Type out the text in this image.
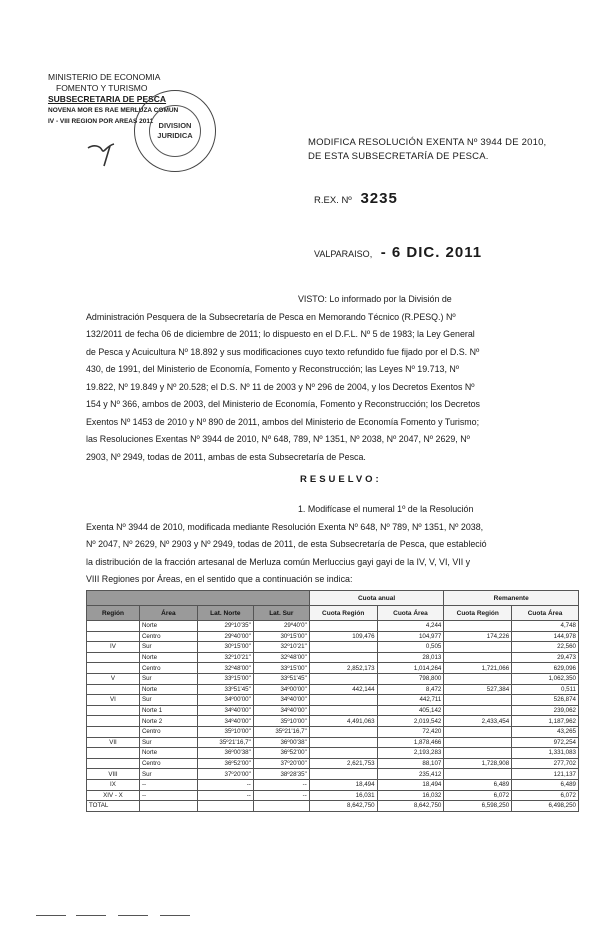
MINISTERIO DE ECONOMIA
FOMENTO Y TURISMO
SUBSECRETARIA DE PESCA
NOVENA MOR ES RAE MERLUZA COMUN
IV - VIII REGION POR AREAS 2011 DIVISION
JURIDICA
MODIFICA RESOLUCIÓN EXENTA Nº 3944 DE 2010,
DE ESTA SUBSECRETARÍA DE PESCA.
R.EX. Nº 3235
VALPARAISO, - 6 DIC. 2011
VISTO: Lo informado por la División de
Administración Pesquera de la Subsecretaría de Pesca en Memorando Técnico (R.PESQ.) Nº
132/2011 de fecha 06 de diciembre de 2011; lo dispuesto en el D.F.L. Nº 5 de 1983; la Ley General
de Pesca y Acuicultura Nº 18.892 y sus modificaciones cuyo texto refundido fue fijado por el D.S. Nº
430, de 1991, del Ministerio de Economía, Fomento y Reconstrucción; las Leyes Nº 19.713, Nº
19.822, Nº 19.849 y Nº 20.528; el D.S. Nº 11 de 2003 y Nº 296 de 2004, y los Decretos Exentos Nº
154 y Nº 366, ambos de 2003, del Ministerio de Economía, Fomento y Reconstrucción; los Decretos
Exentos Nº 1453 de 2010 y Nº 890 de 2011, ambos del Ministerio de Economía Fomento y Turismo;
las Resoluciones Exentas Nº 3944 de 2010, Nº 648, 789, Nº 1351, Nº 2038, Nº 2047, Nº 2629, Nº
2903, Nº 2949, todas de 2011, ambas de esta Subsecretaría de Pesca.
RESUELVO:
1. Modifícase el numeral 1º de la Resolución
Exenta Nº 3944 de 2010, modificada mediante Resolución Exenta Nº 648, Nº 789, Nº 1351, Nº 2038,
Nº 2047, Nº 2629, Nº 2903 y Nº 2949, todas de 2011, de esta Subsecretaría de Pesca, que estableció
la distribución de la fracción artesanal de Merluza común Merluccius gayi gayi de la IV, V, VI, VII y
VIII Regiones por Áreas, en el sentido que a continuación se indica:
				Cuota anual		Remanente	
Región	Área	Lat. Norte	Lat. Sur	Cuota Región	Cuota Área	Cuota Región	Cuota Área
	Norte	29º10'35"	29º40'0"		4,244		4,748
	Centro	29º40'00"	30º15'00"	109,476	104,977	174,226	144,978
IV	Sur	30º15'00"	32º10'21"		0,505		22,560
	Norte	32º10'21"	32º48'00"		28,013		29,473
	Centro	32º48'00"	33º15'00"	2,852,173	1,014,264	1,721,066	629,096
V	Sur	33º15'00"	33º51'45"		798,800		1,062,350
	Norte	33º51'45"	34º00'00"	442,144	8,472	527,384	0,511
VI	Sur	34º00'00"	34º40'00"		442,711		526,874
	Norte 1	34º40'00"	34º40'00"		405,142		239,062
	Norte 2	34º40'00"	35º10'00"	4,491,063	2,019,542	2,433,454	1,187,962
	Centro	35º10'00"	35º21'16,7"		72,420		43,265
VII	Sur	35º21'16,7"	36º00'38"		1,878,466		972,254
	Norte	36º00'38"	36º52'00"		2,193,283		1,331,083
	Centro	36º52'00"	37º20'00"	2,621,753	88,107	1,728,908	277,702
VIII	Sur	37º20'00"	38º28'35"		235,412		121,137
IX	--	--	--	18,494	18,494	6,489	6,489
XIV - X	--	--	--	16,031	16,032	6,072	6,072
TOTAL				8,642,750	8,642,750	6,598,250	6,498,250
